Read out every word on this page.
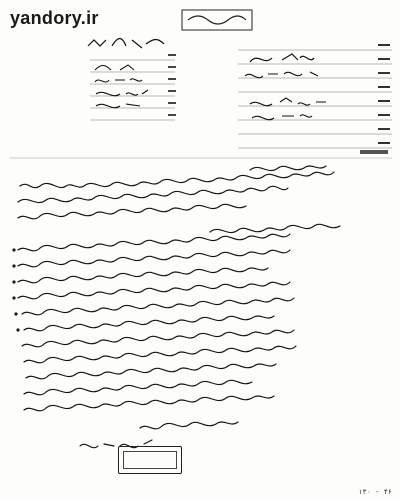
yandory.ir
۱۳۰ - ۴۶
